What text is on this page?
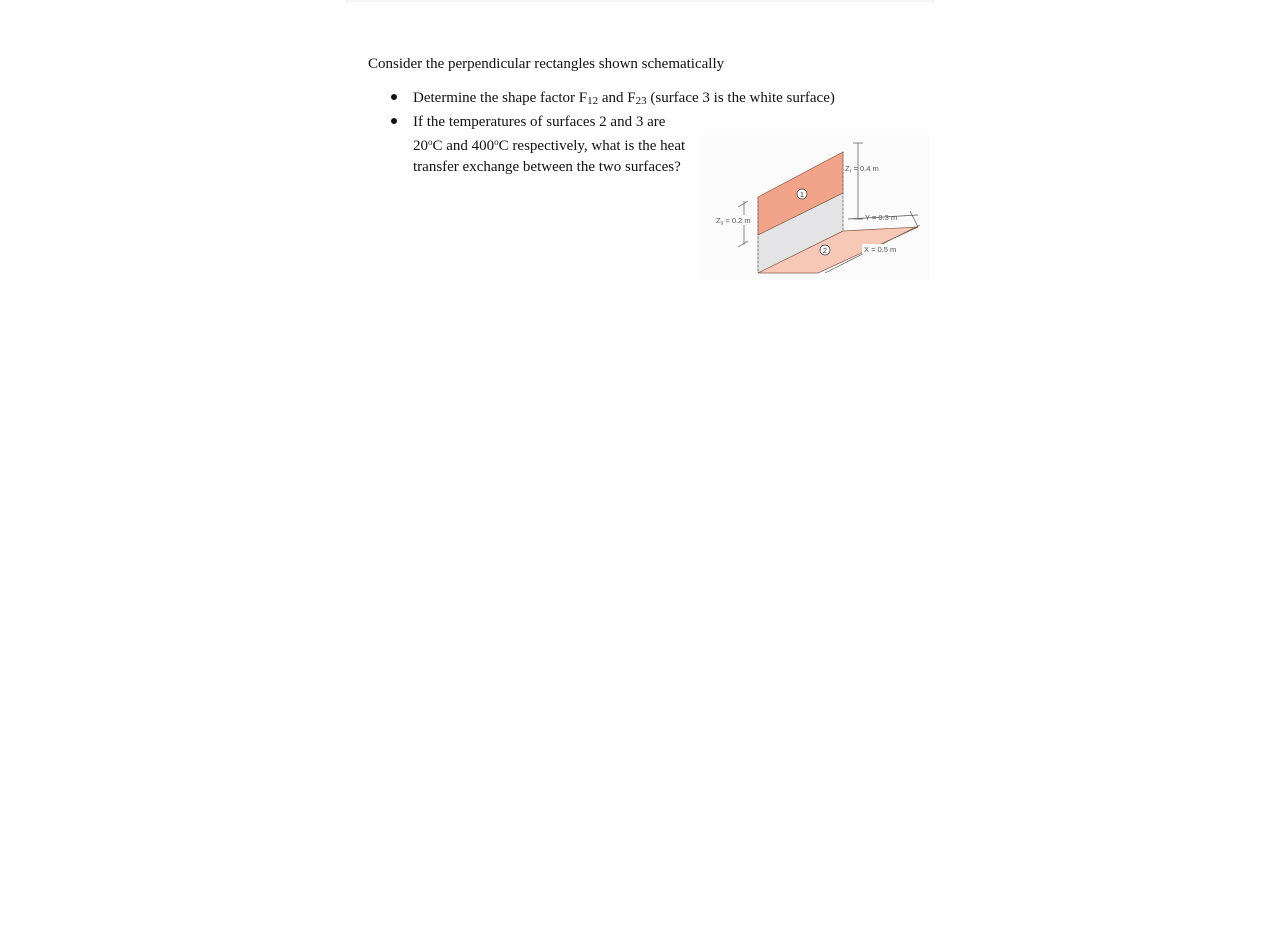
Consider the perpendicular rectangles shown schematically

Determine the shape factor F12 and F23 (surface 3 is the white surface)
If the temperatures of surfaces 2 and 3 are
20$^o$C and 400$^o$C respectively, what is the heat
transfer exchange between the two surfaces?	$Z_r = 0.4$ m
$Z_s = 0.2$ m	Y = 0.3 m
X = 0.5 m
1
2
